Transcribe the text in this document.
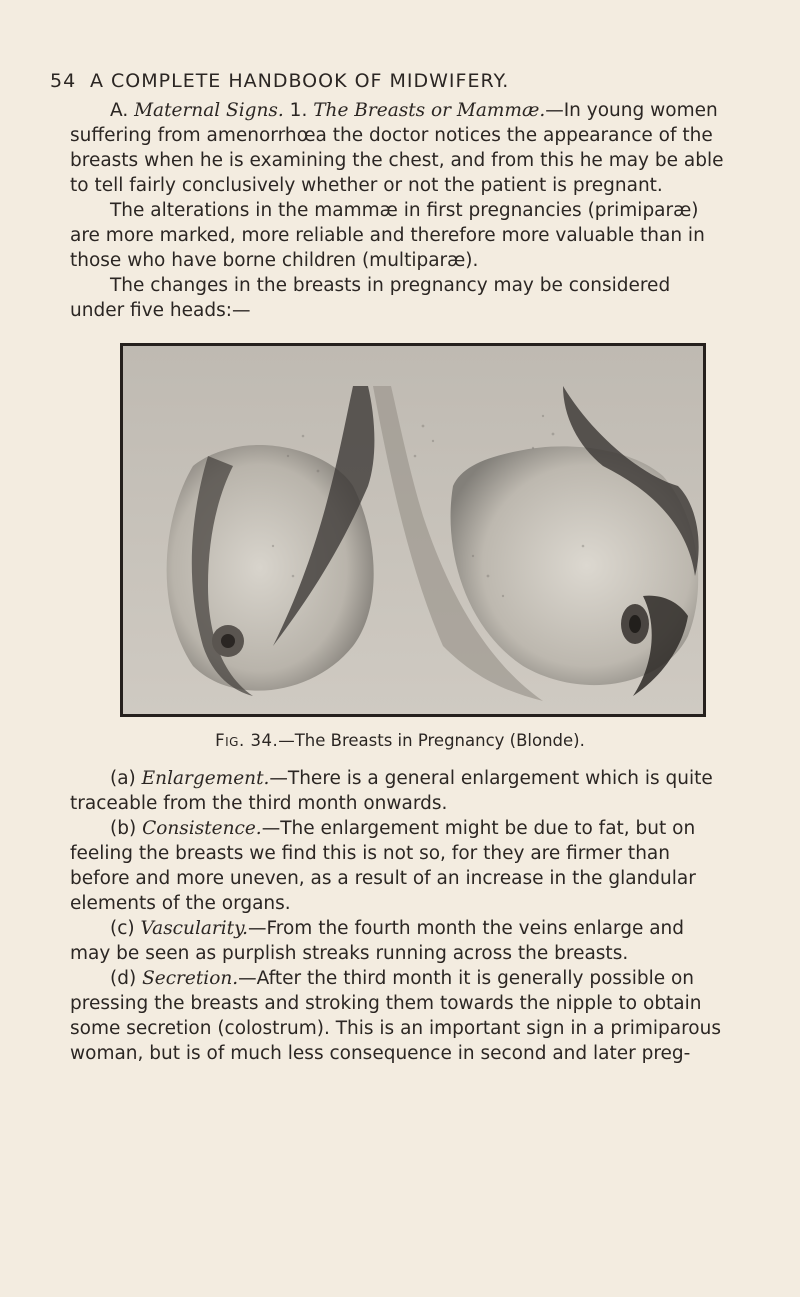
54 A COMPLETE HANDBOOK OF MIDWIFERY.

A. Maternal Signs. 1. The Breasts or Mammæ.—In young women suffering from amenorrhœa the doctor notices the appearance of the breasts when he is examining the chest, and from this he may be able to tell fairly conclusively whether or not the patient is pregnant.

The alterations in the mammæ in first pregnancies (primiparæ) are more marked, more reliable and therefore more valuable than in those who have borne children (multiparæ).

The changes in the breasts in pregnancy may be considered under five heads:—

Fig. 34.—The Breasts in Pregnancy (Blonde).

(a) Enlargement.—There is a general enlargement which is quite traceable from the third month onwards.

(b) Consistence.—The enlargement might be due to fat, but on feeling the breasts we find this is not so, for they are firmer than before and more uneven, as a result of an increase in the glandular elements of the organs.

(c) Vascularity.—From the fourth month the veins enlarge and may be seen as purplish streaks running across the breasts.

(d) Secretion.—After the third month it is generally possible on pressing the breasts and stroking them towards the nipple to obtain some secretion (colostrum). This is an important sign in a primiparous woman, but is of much less consequence in second and later preg-
